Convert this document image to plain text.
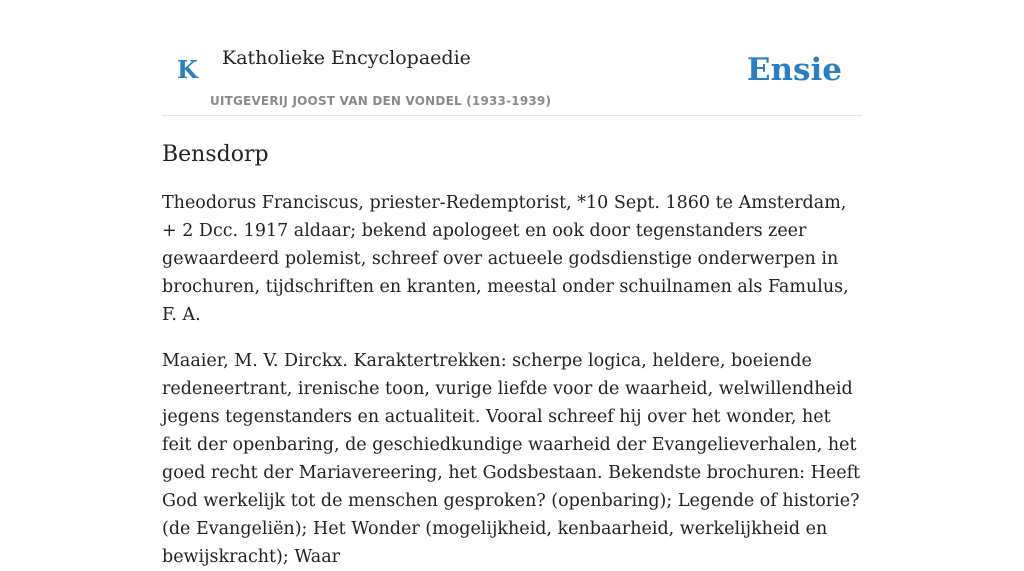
K Katholieke Encyclopaedie
UITGEVERIJ JOOST VAN DEN VONDEL (1933-1939)
Ensie
Bensdorp

Theodorus Franciscus, priester-Redemptorist, *10 Sept. 1860 te Amsterdam, + 2 Dcc. 1917 aldaar; bekend apologeet en ook door tegenstanders zeer gewaardeerd polemist, schreef over actueele godsdienstige onderwerpen in brochuren, tijdschriften en kranten, meestal onder schuilnamen als Famulus, F. A.

Maaier, M. V. Dirckx. Karaktertrekken: scherpe logica, heldere, boeiende redeneertrant, irenische toon, vurige liefde voor de waarheid, welwillendheid jegens tegenstanders en actualiteit. Vooral schreef hij over het wonder, het feit der openbaring, de geschiedkundige waarheid der Evangelieverhalen, het goed recht der Mariavereering, het Godsbestaan. Bekendste brochuren: Heeft God werkelijk tot de menschen gesproken? (openbaring); Legende of historie? (de Evangeliën); Het Wonder (mogelijkheid, kenbaarheid, werkelijkheid en bewijskracht); Waar
